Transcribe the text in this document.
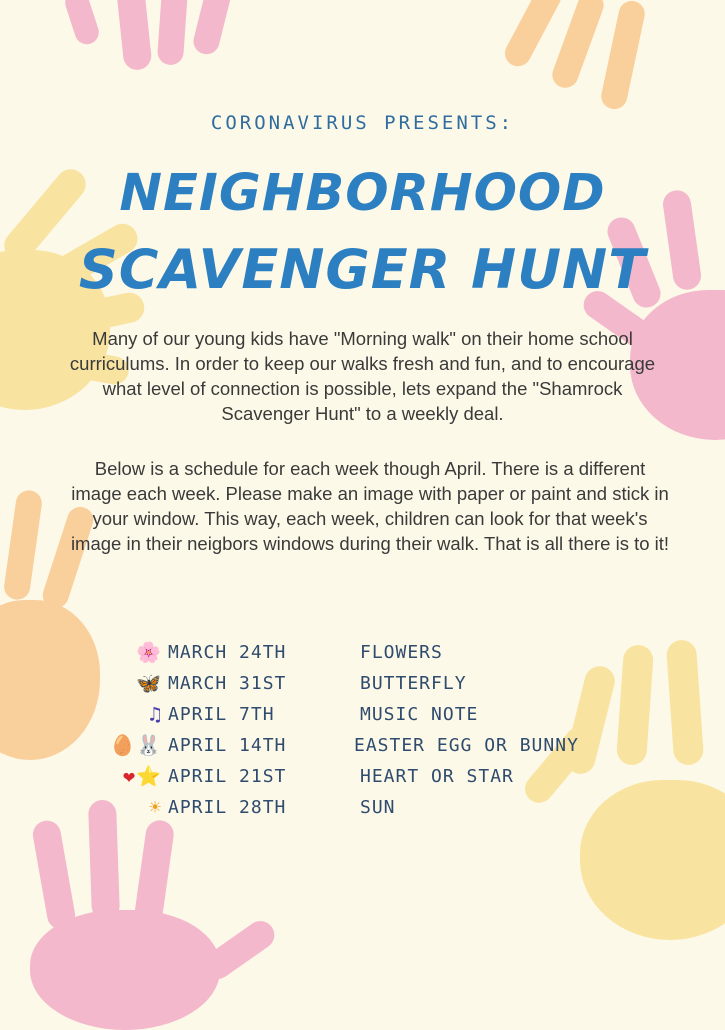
CORONAVIRUS PRESENTS:
NEIGHBORHOOD
SCAVENGER HUNT
Many of our young kids have "Morning walk" on their home school curriculums. In order to keep our walks fresh and fun, and to encourage what level of connection is possible, lets expand the "Shamrock Scavenger Hunt" to a weekly deal.
Below is a schedule for each week though April. There is a different image each week. Please make an image with paper or paint and stick in your window. This way, each week, children can look for that week's image in their neigbors windows during their walk. That is all there is to it!
🌸 MARCH 24TH	FLOWERS
🦋 MARCH 31ST	BUTTERFLY
♫ APRIL 7TH	MUSIC NOTE
🥚🐰 APRIL 14TH	EASTER EGG OR BUNNY
❤⭐ APRIL 21ST	HEART OR STAR
☀ APRIL 28TH	SUN
